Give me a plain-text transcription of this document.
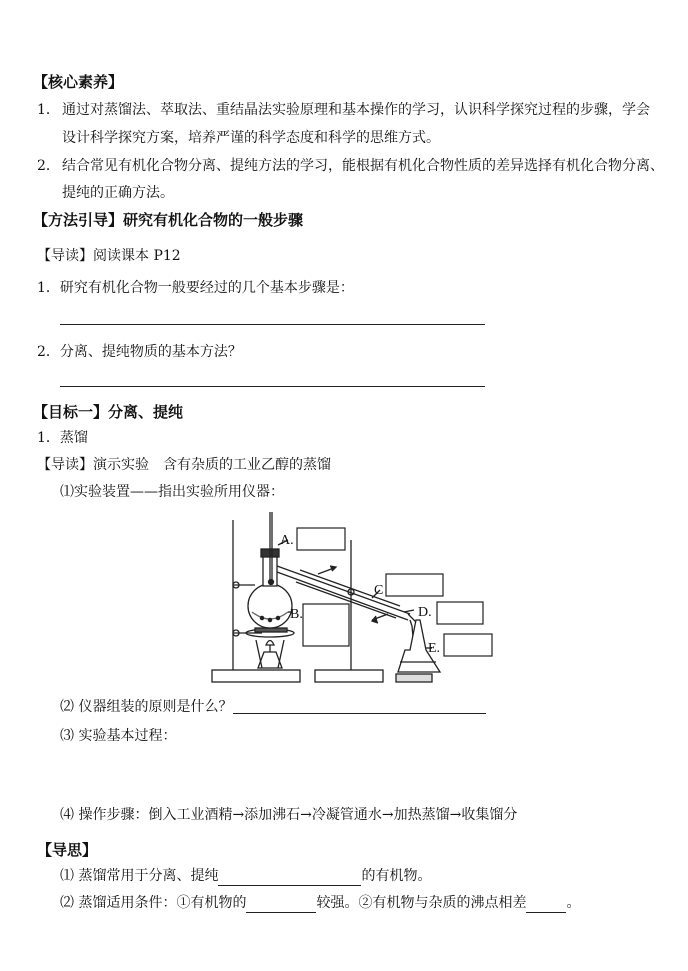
【核心素养】
1． 通过对蒸馏法、萃取法、重结晶法实验原理和基本操作的学习，认识科学探究过程的步骤，学会
设计科学探究方案，培养严谨的科学态度和科学的思维方式。
2． 结合常见有机化合物分离、提纯方法的学习，能根据有机化合物性质的差异选择有机化合物分离、
提纯的正确方法。
【方法引导】研究有机化合物的一般步骤
【导读】阅读课本 P12
1．研究有机化合物一般要经过的几个基本步骤是：
2．分离、提纯物质的基本方法？
【目标一】分离、提纯
1．蒸馏
【导读】演示实验　含有杂质的工业乙醇的蒸馏
⑴实验装置——指出实验所用仪器：
A.
B.
C
D.
E.
⑵ 仪器组装的原则是什么？
⑶ 实验基本过程：
⑷ 操作步骤：倒入工业酒精→添加沸石→冷凝管通水→加热蒸馏→收集馏分
【导思】
⑴ 蒸馏常用于分离、提纯	的有机物。
⑵ 蒸馏适用条件：①有机物的	较强。②有机物与杂质的沸点相差	。
